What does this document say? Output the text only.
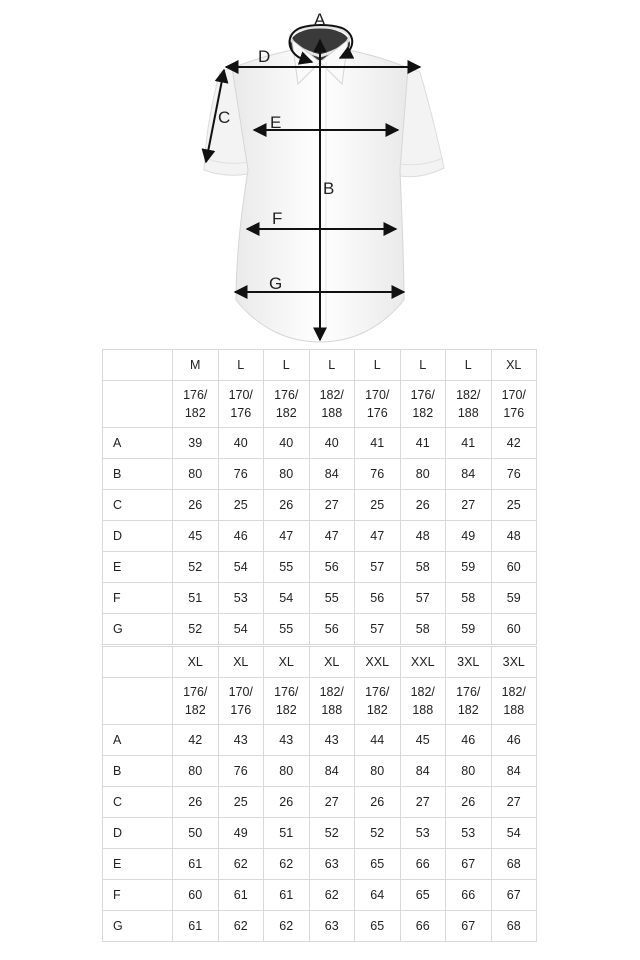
A
B
C
D
E
F
G
	M	L	L	L	L	L	L	XL

	176/
182	170/
176	176/
182	182/
188	170/
176	176/
182	182/
188	170/
176

A	39	40	40	40	41	41	41	42
B	80	76	80	84	76	80	84	76
C	26	25	26	27	25	26	27	25
D	45	46	47	47	47	48	49	48
E	52	54	55	56	57	58	59	60
F	51	53	54	55	56	57	58	59
G	52	54	55	56	57	58	59	60
	XL	XL	XL	XL	XXL	XXL	3XL	3XL

	176/
182	170/
176	176/
182	182/
188	176/
182	182/
188	176/
182	182/
188

A	42	43	43	43	44	45	46	46
B	80	76	80	84	80	84	80	84
C	26	25	26	27	26	27	26	27
D	50	49	51	52	52	53	53	54
E	61	62	62	63	65	66	67	68
F	60	61	61	62	64	65	66	67
G	61	62	62	63	65	66	67	68
